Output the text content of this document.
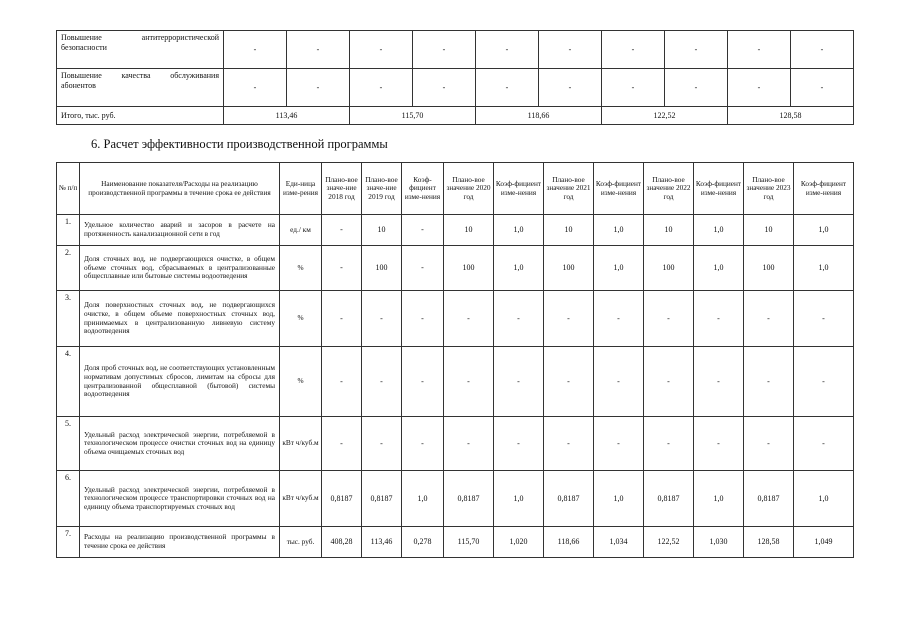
Повышение антитеррористической безопасности	-	-	-	-	-	-	-	-	-	-
Повышение качества обслуживания абонентов	-	-	-	-	-	-	-	-	-	-
Итого, тыс. руб.	113,46		115,70		118,66		122,52		128,58	
6. Расчет эффективности производственной программы
№ п/п	Наименование показателя/Расходы на реализацию производственной программы в течение срока ее действия	Еди-ница изме-рения	Плано-вое значе-ние 2018 год	Плано-вое значе-ние 2019 год	Коэф-фициент изме-нения	Плано-вое значение 2020 год	Коэф-фициент изме-нения	Плано-вое значение 2021 год	Коэф-фициент изме-нения	Плано-вое значение 2022 год	Коэф-фициент изме-нения	Плано-вое значение 2023 год	Коэф-фициент изме-нения
1.	Удельное количество аварий и засоров в расчете на протяженность канализационной сети в год	ед./ км	-	10	-	10	1,0	10	1,0	10	1,0	10	1,0
2.	Доля сточных вод, не подвергающихся очистке, в общем объеме сточных вод, сбрасываемых в централизованные общесплавные или бытовые системы водоотведения	%	-	100	-	100	1,0	100	1,0	100	1,0	100	1,0
3.	Доля поверхностных сточных вод, не подвергающихся очистке, в общем объеме поверхностных сточных вод, принимаемых в централизованную ливневую систему водоотведения	%	-	-	-	-	-	-	-	-	-	-	-
4.	Доля проб сточных вод, не соответствующих установленным нормативам допустимых сбросов, лимитам на сбросы для централизованной общесплавной (бытовой) системы водоотведения	%	-	-	-	-	-	-	-	-	-	-	-
5.	Удельный расход электрической энергии, потребляемой в технологическом процессе очистки сточных вод на единицу объема очищаемых сточных вод	кВт ч/куб.м	-	-	-	-	-	-	-	-	-	-	-
6.	Удельный расход электрической энергии, потребляемой в технологическом процессе транспортировки сточных вод на единицу объема транспортируемых сточных вод	кВт ч/куб.м	0,8187	0,8187	1,0	0,8187	1,0	0,8187	1,0	0,8187	1,0	0,8187	1,0
7.	Расходы на реализацию производственной программы в течение срока ее действия	тыс. руб.	408,28	113,46	0,278	115,70	1,020	118,66	1,034	122,52	1,030	128,58	1,049
